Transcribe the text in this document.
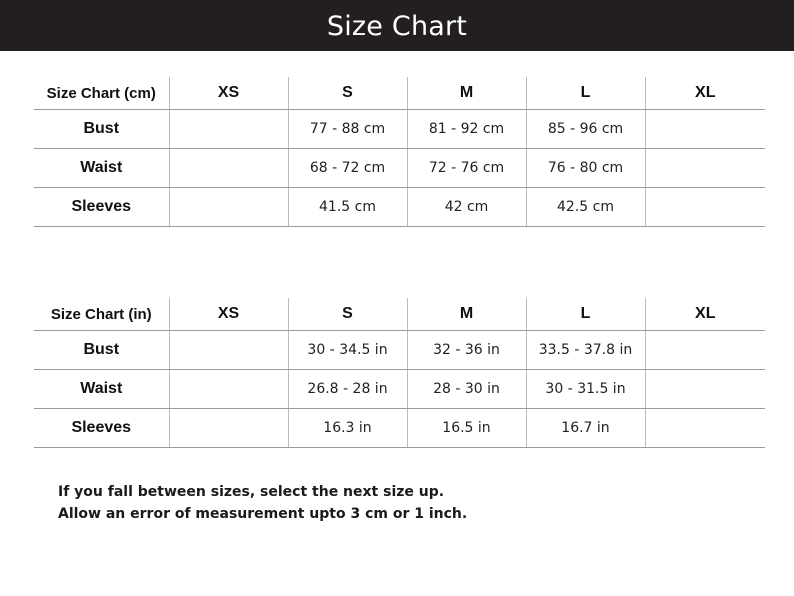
Size Chart
Size Chart (cm)	XS	S	M	L	XL
Bust		77 - 88 cm	81 - 92 cm	85 - 96 cm	
Waist		68 - 72 cm	72 - 76 cm	76 - 80 cm	
Sleeves		41.5 cm	42 cm	42.5 cm	
Size Chart (in)	XS	S	M	L	XL
Bust		30 - 34.5 in	32 - 36 in	33.5 - 37.8 in	
Waist		26.8 - 28 in	28 - 30 in	30 - 31.5 in	
Sleeves		16.3 in	16.5 in	16.7 in	
If you fall between sizes, select the next size up.
Allow an error of measurement upto 3 cm or 1 inch.
